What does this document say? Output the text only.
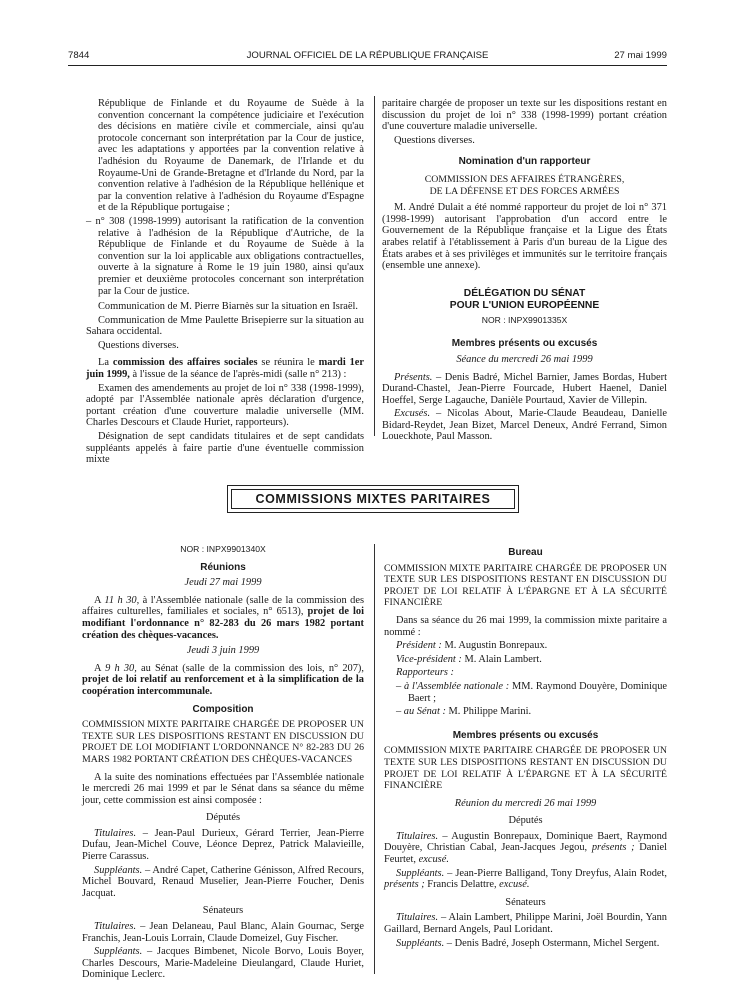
7844	JOURNAL OFFICIEL DE LA RÉPUBLIQUE FRANÇAISE	27 mai 1999

République de Finlande et du Royaume de Suède à la convention concernant la compétence judiciaire et l'exécution des décisions en matière civile et commerciale, ainsi qu'au protocole concernant son interprétation par la Cour de justice, avec les adaptations y apportées par la convention relative à l'adhésion du Royaume de Danemark, de l'Irlande et du Royaume-Uni de Grande-Bretagne et d'Irlande du Nord, par la convention relative à l'adhésion de la République hellénique et par la convention relative à l'adhésion du Royaume d'Espagne et de la République portugaise ;

– n° 308 (1998-1999) autorisant la ratification de la convention relative à l'adhésion de la République d'Autriche, de la République de Finlande et du Royaume de Suède à la convention sur la loi applicable aux obligations contractuelles, ouverte à la signature à Rome le 19 juin 1980, ainsi qu'aux premier et deuxième protocoles concernant son interprétation par la Cour de justice.

Communication de M. Pierre Biarnès sur la situation en Israël.

Communication de Mme Paulette Brisepierre sur la situation au Sahara occidental.

Questions diverses.

La commission des affaires sociales se réunira le mardi 1er juin 1999, à l'issue de la séance de l'après-midi (salle n° 213) :

Examen des amendements au projet de loi n° 338 (1998-1999), adopté par l'Assemblée nationale après déclaration d'urgence, portant création d'une couverture maladie universelle (MM. Charles Descours et Claude Huriet, rapporteurs).

Désignation de sept candidats titulaires et de sept candidats suppléants appelés à faire partie d'une éventuelle commission mixte

paritaire chargée de proposer un texte sur les dispositions restant en discussion du projet de loi n° 338 (1998-1999) portant création d'une couverture maladie universelle.

Questions diverses.

Nomination d'un rapporteur
COMMISSION DES AFFAIRES ÉTRANGÈRES,
DE LA DÉFENSE ET DES FORCES ARMÉES

M. André Dulait a été nommé rapporteur du projet de loi n° 371 (1998-1999) autorisant l'approbation d'un accord entre le Gouvernement de la République française et la Ligue des États arabes relatif à l'établissement à Paris d'un bureau de la Ligue des États arabes et à ses privilèges et immunités sur le territoire français (ensemble une annexe).

DÉLÉGATION DU SÉNAT
POUR L'UNION EUROPÉENNE
NOR : INPX9901335X
Membres présents ou excusés
Séance du mercredi 26 mai 1999

Présents. – Denis Badré, Michel Barnier, James Bordas, Hubert Durand-Chastel, Jean-Pierre Fourcade, Hubert Haenel, Daniel Hoeffel, Serge Lagauche, Danièle Pourtaud, Xavier de Villepin.

Excusés. – Nicolas About, Marie-Claude Beaudeau, Danielle Bidard-Reydet, Jean Bizet, Marcel Deneux, André Ferrand, Simon Loueckhote, Paul Masson.

COMMISSIONS MIXTES PARITAIRES
NOR : INPX9901340X
Réunions
Jeudi 27 mai 1999

A 11 h 30, à l'Assemblée nationale (salle de la commission des affaires culturelles, familiales et sociales, n° 6513), projet de loi modifiant l'ordonnance n° 82-283 du 26 mars 1982 portant création des chèques-vacances.

Jeudi 3 juin 1999

A 9 h 30, au Sénat (salle de la commission des lois, n° 207), projet de loi relatif au renforcement et à la simplification de la coopération intercommunale.

Composition
COMMISSION MIXTE PARITAIRE CHARGÉE DE PROPOSER UN TEXTE SUR LES DISPOSITIONS RESTANT EN DISCUSSION DU PROJET DE LOI MODIFIANT L'ORDONNANCE N° 82-283 DU 26 MARS 1982 PORTANT CRÉATION DES CHÈQUES-VACANCES

A la suite des nominations effectuées par l'Assemblée nationale le mercredi 26 mai 1999 et par le Sénat dans sa séance du même jour, cette commission est ainsi composée :

Députés

Titulaires. – Jean-Paul Durieux, Gérard Terrier, Jean-Pierre Dufau, Jean-Michel Couve, Léonce Deprez, Patrick Malavieille, Pierre Carassus.

Suppléants. – André Capet, Catherine Génisson, Alfred Recours, Michel Bouvard, Renaud Muselier, Jean-Pierre Foucher, Denis Jacquat.

Sénateurs

Titulaires. – Jean Delaneau, Paul Blanc, Alain Gournac, Serge Franchis, Jean-Louis Lorrain, Claude Domeizel, Guy Fischer.

Suppléants. – Jacques Bimbenet, Nicole Borvo, Louis Boyer, Charles Descours, Marie-Madeleine Dieulangard, Claude Huriet, Dominique Leclerc.

Bureau
COMMISSION MIXTE PARITAIRE CHARGÉE DE PROPOSER UN TEXTE SUR LES DISPOSITIONS RESTANT EN DISCUSSION DU PROJET DE LOI RELATIF À L'ÉPARGNE ET À LA SÉCURITÉ FINANCIÈRE

Dans sa séance du 26 mai 1999, la commission mixte paritaire a nommé :

Président : M. Augustin Bonrepaux.

Vice-président : M. Alain Lambert.

Rapporteurs :

– à l'Assemblée nationale : MM. Raymond Douyère, Dominique Baert ;

– au Sénat : M. Philippe Marini.

Membres présents ou excusés
COMMISSION MIXTE PARITAIRE CHARGÉE DE PROPOSER UN TEXTE SUR LES DISPOSITIONS RESTANT EN DISCUSSION DU PROJET DE LOI RELATIF À L'ÉPARGNE ET À LA SÉCURITÉ FINANCIÈRE
Réunion du mercredi 26 mai 1999
Députés

Titulaires. – Augustin Bonrepaux, Dominique Baert, Raymond Douyère, Christian Cabal, Jean-Jacques Jegou, présents ; Daniel Feurtet, excusé.

Suppléants. – Jean-Pierre Balligand, Tony Dreyfus, Alain Rodet, présents ; Francis Delattre, excusé.

Sénateurs

Titulaires. – Alain Lambert, Philippe Marini, Joël Bourdin, Yann Gaillard, Bernard Angels, Paul Loridant.

Suppléants. – Denis Badré, Joseph Ostermann, Michel Sergent.
